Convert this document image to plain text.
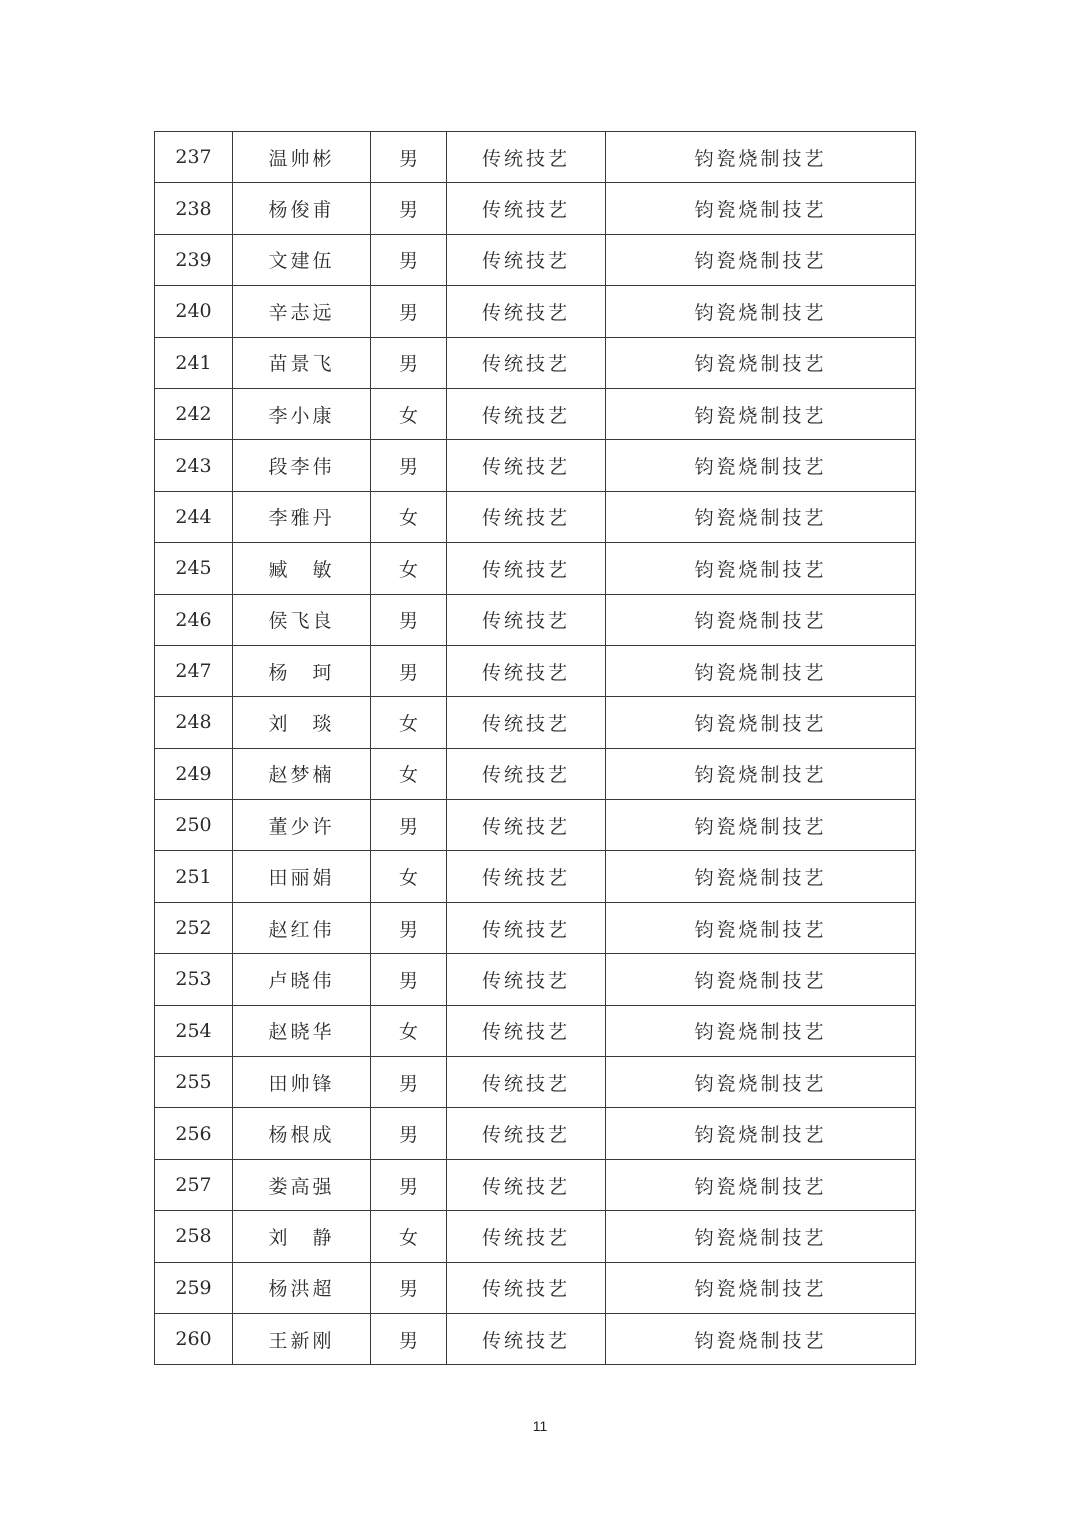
237	温帅彬	男	传统技艺	钧瓷烧制技艺
238	杨俊甫	男	传统技艺	钧瓷烧制技艺
239	文建伍	男	传统技艺	钧瓷烧制技艺
240	辛志远	男	传统技艺	钧瓷烧制技艺
241	苗景飞	男	传统技艺	钧瓷烧制技艺
242	李小康	女	传统技艺	钧瓷烧制技艺
243	段李伟	男	传统技艺	钧瓷烧制技艺
244	李雅丹	女	传统技艺	钧瓷烧制技艺
245	臧　敏	女	传统技艺	钧瓷烧制技艺
246	侯飞良	男	传统技艺	钧瓷烧制技艺
247	杨　珂	男	传统技艺	钧瓷烧制技艺
248	刘　琰	女	传统技艺	钧瓷烧制技艺
249	赵梦楠	女	传统技艺	钧瓷烧制技艺
250	董少许	男	传统技艺	钧瓷烧制技艺
251	田丽娟	女	传统技艺	钧瓷烧制技艺
252	赵红伟	男	传统技艺	钧瓷烧制技艺
253	卢晓伟	男	传统技艺	钧瓷烧制技艺
254	赵晓华	女	传统技艺	钧瓷烧制技艺
255	田帅锋	男	传统技艺	钧瓷烧制技艺
256	杨根成	男	传统技艺	钧瓷烧制技艺
257	娄高强	男	传统技艺	钧瓷烧制技艺
258	刘　静	女	传统技艺	钧瓷烧制技艺
259	杨洪超	男	传统技艺	钧瓷烧制技艺
260	王新刚	男	传统技艺	钧瓷烧制技艺
11
